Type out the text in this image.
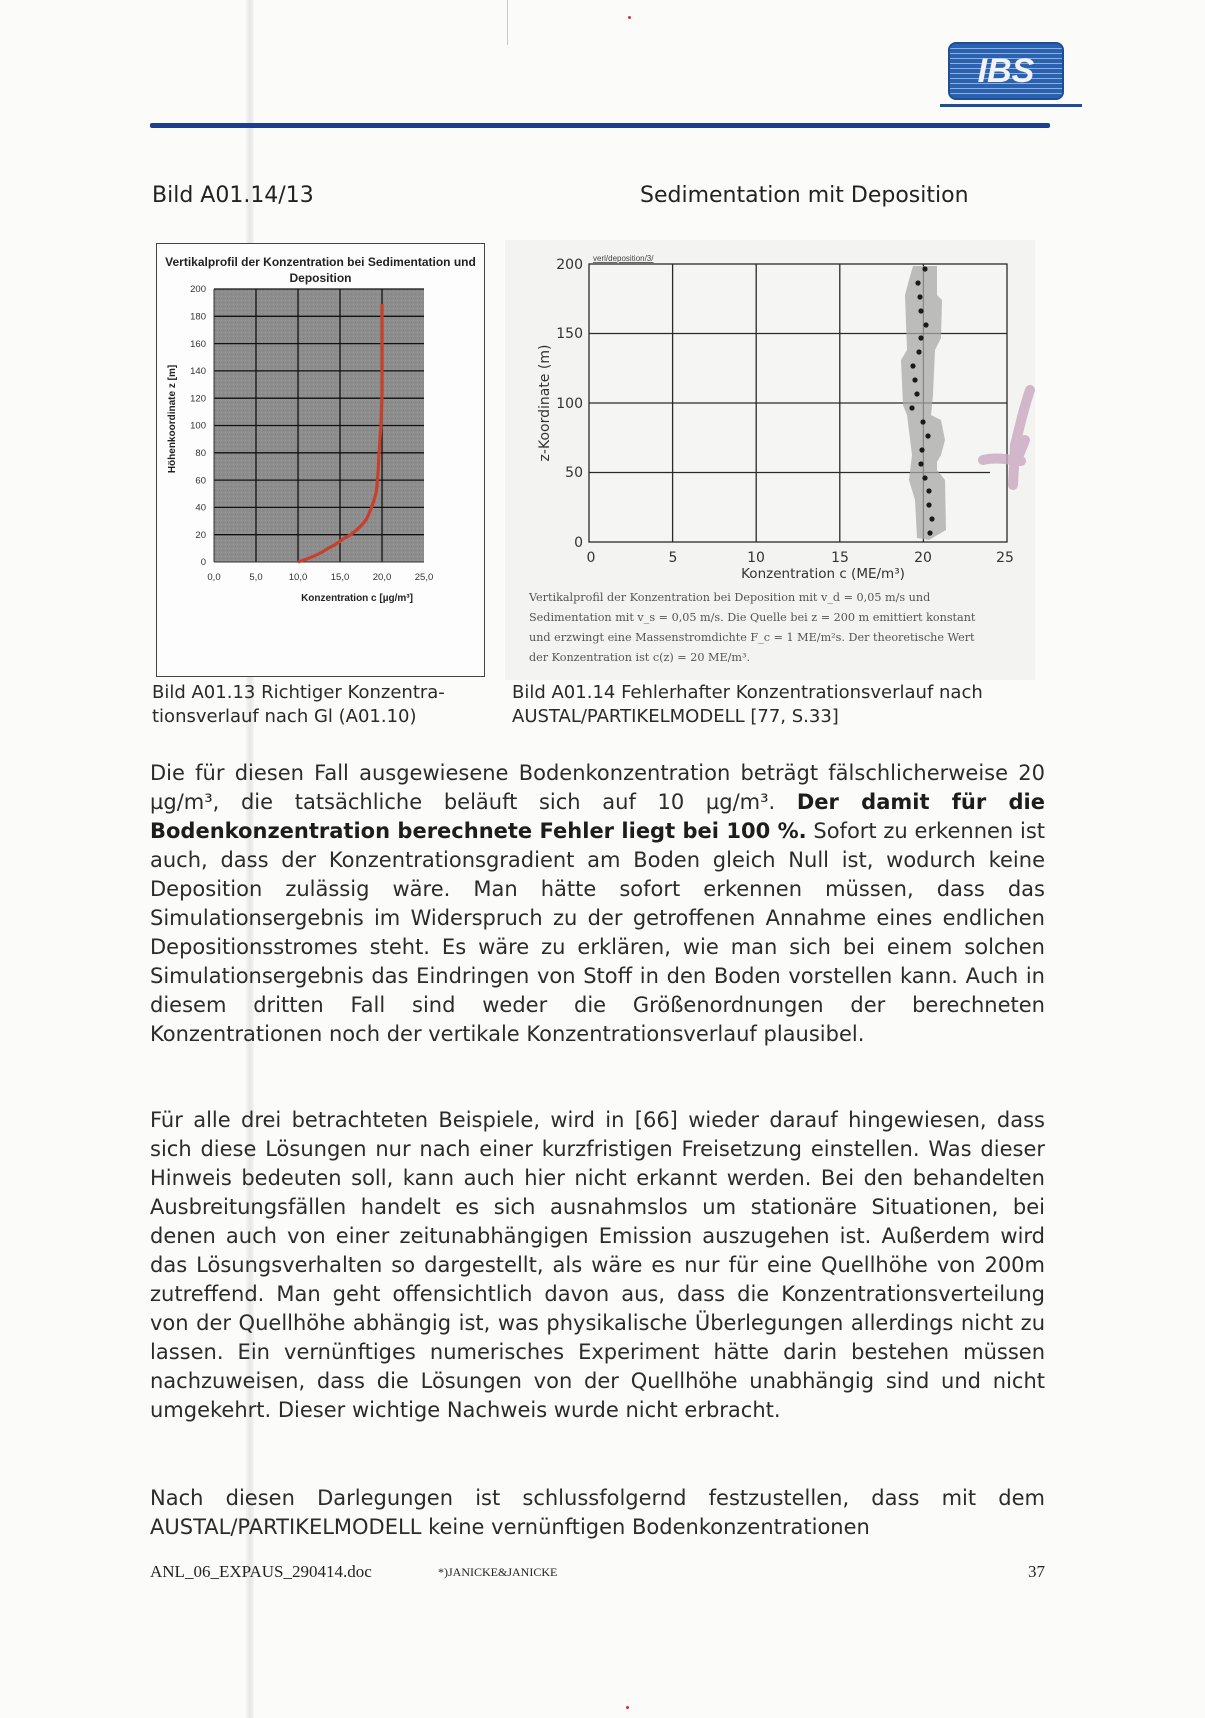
IBS
Bild A01.14/13	Sedimentation mit Deposition
Vertikalprofil der Konzentration bei Sedimentation und Deposition
200
180
160
140
120
100
80
60
40
20
0
0,0	5,0	10,0 15,0 20,0 25,0
Konzentration c [µg/m³]
Höhenkoordinate z [m]
Bild A01.13 Richtiger Konzentra-
tionsverlauf nach Gl (A01.10)
verl/deposition/3/
200
150
100
50
0
0	5	10	15	20	25
Konzentration c (ME/m³)
z-Koordinate (m)
Vertikalprofil der Konzentration bei Deposition mit v_d = 0,05 m/s und
Sedimentation mit v_s = 0,05 m/s. Die Quelle bei z = 200 m emittiert konstant
und erzwingt eine Massenstromdichte F_c = 1 ME/m²s. Der theoretische Wert
der Konzentration ist c(z) = 20 ME/m³.
Bild A01.14 Fehlerhafter Konzentrationsverlauf nach
AUSTAL/PARTIKELMODELL [77, S.33]
Die für diesen Fall ausgewiesene Bodenkonzentration beträgt fälschlicherweise 20 µg/m³, die tatsächliche beläuft sich auf 10 µg/m³. Der damit für die Bodenkonzentration berechnete Fehler liegt bei 100 %. Sofort zu erkennen ist auch, dass der Konzentrationsgradient am Boden gleich Null ist, wodurch keine Deposition zulässig wäre. Man hätte sofort erkennen müssen, dass das Simulationsergebnis im Widerspruch zu der getroffenen Annahme eines endlichen Depositionsstromes steht. Es wäre zu erklären, wie man sich bei einem solchen Simulationsergebnis das Eindringen von Stoff in den Boden vorstellen kann. Auch in diesem dritten Fall sind weder die Größenordnungen der berechneten Konzentrationen noch der vertikale Konzentrationsverlauf plausibel.
Für alle drei betrachteten Beispiele, wird in [66] wieder darauf hingewiesen, dass sich diese Lösungen nur nach einer kurzfristigen Freisetzung einstellen. Was dieser Hinweis bedeuten soll, kann auch hier nicht erkannt werden. Bei den behandelten Ausbreitungsfällen handelt es sich ausnahmslos um stationäre Situationen, bei denen auch von einer zeitunabhängigen Emission auszugehen ist. Außerdem wird das Lösungsverhalten so dargestellt, als wäre es nur für eine Quellhöhe von 200m zutreffend. Man geht offensichtlich davon aus, dass die Konzentrationsverteilung von der Quellhöhe abhängig ist, was physikalische Überlegungen allerdings nicht zu lassen. Ein vernünftiges numerisches Experiment hätte darin bestehen müssen nachzuweisen, dass die Lösungen von der Quellhöhe unabhängig sind und nicht umgekehrt. Dieser wichtige Nachweis wurde nicht erbracht.
Nach diesen Darlegungen ist schlussfolgernd festzustellen, dass mit dem AUSTAL/PARTIKELMODELL keine vernünftigen Bodenkonzentrationen
ANL_06_EXPAUS_290414.doc	*)JANICKE&JANICKE	37
